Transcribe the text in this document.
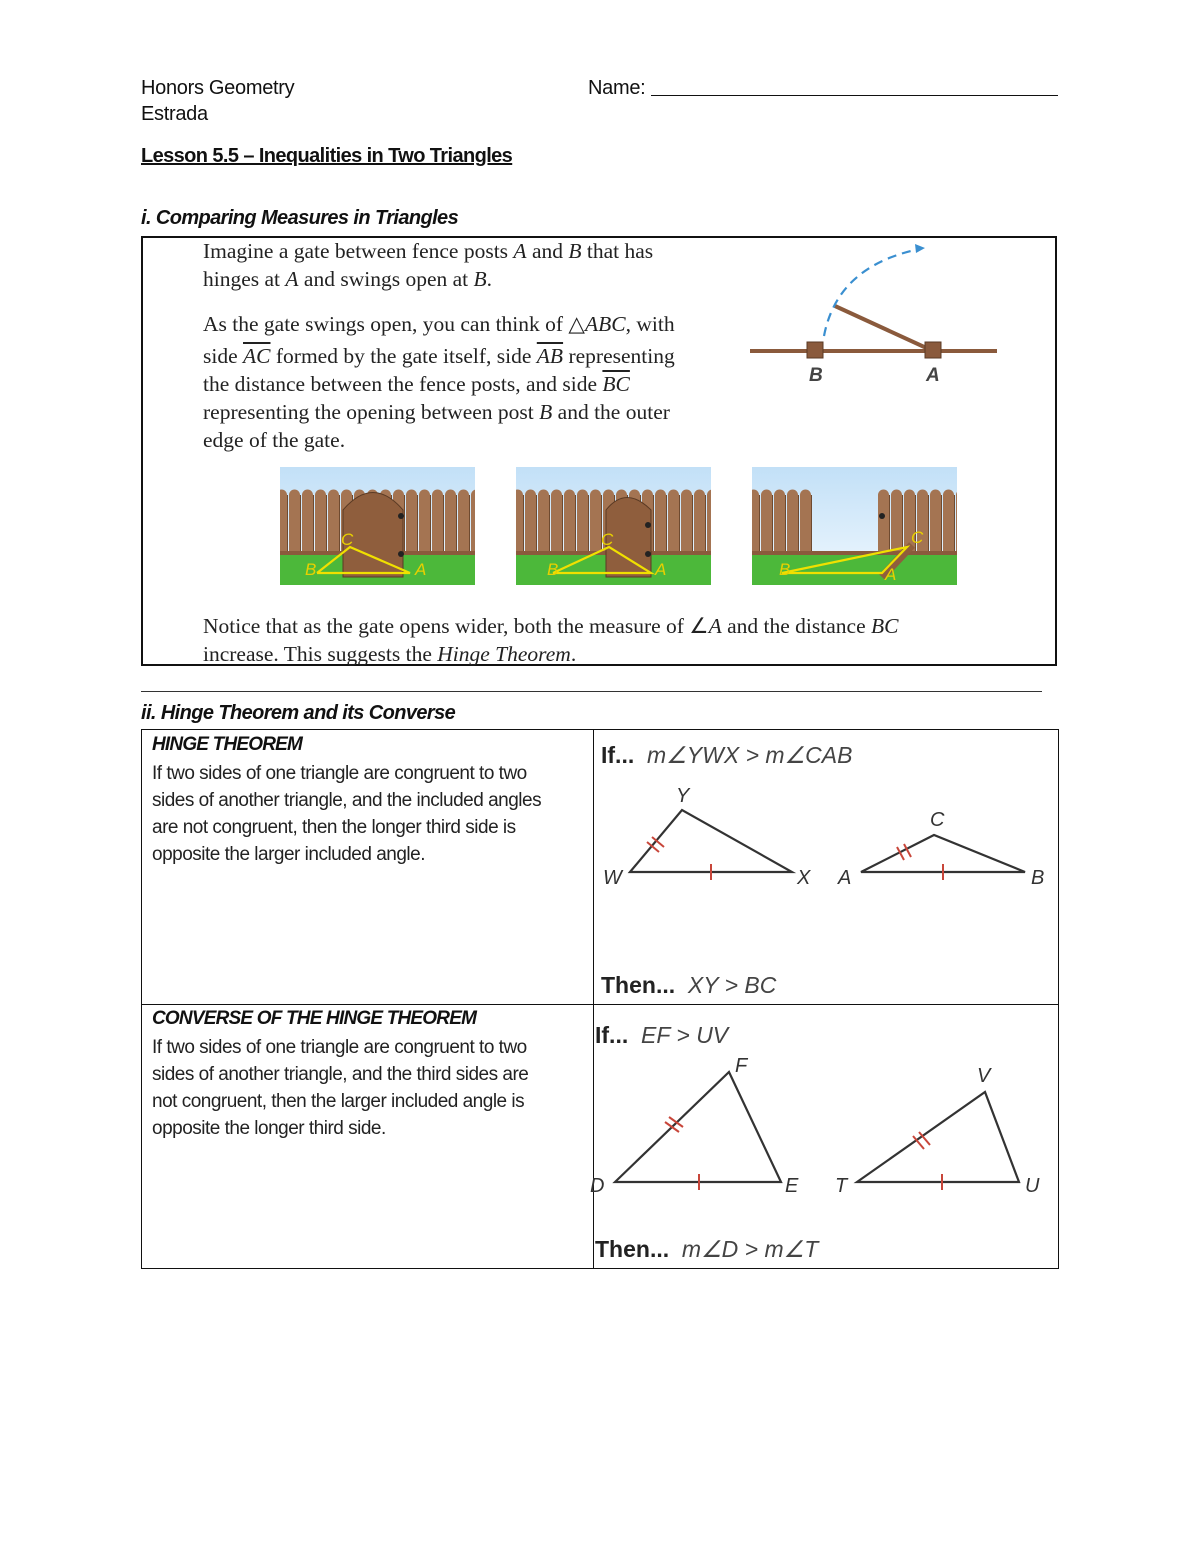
Honors Geometry
Estrada
Name:
Lesson 5.5 – Inequalities in Two Triangles
i. Comparing Measures in Triangles
Imagine a gate between fence posts A and B that has
hinges at A and swings open at B.
As the gate swings open, you can think of △ABC, with
side $\overline{AC}$ formed by the gate itself, side $\overline{AB}$ representing
the distance between the fence posts, and side $\overline{BC}$
representing the opening between post B and the outer
edge of the gate.
B	A
B
C
A	B
C
A	B
C
A
Notice that as the gate opens wider, both the measure of ∠A and the distance BC
increase. This suggests the Hinge Theorem.
ii. Hinge Theorem and its Converse
HINGE THEOREM
If two sides of one triangle are congruent to two
sides of another triangle, and the included angles
are not congruent, then the longer third side is
opposite the larger included angle.
If... m∠YWX > m∠CAB
W
Y
X A
C
B
Then... XY > BC
CONVERSE OF THE HINGE THEOREM
If two sides of one triangle are congruent to two
sides of another triangle, and the third sides are
not congruent, then the larger included angle is
opposite the longer third side.
If... EF > UV
D
F
E T
V
U
Then... m∠D > m∠T
